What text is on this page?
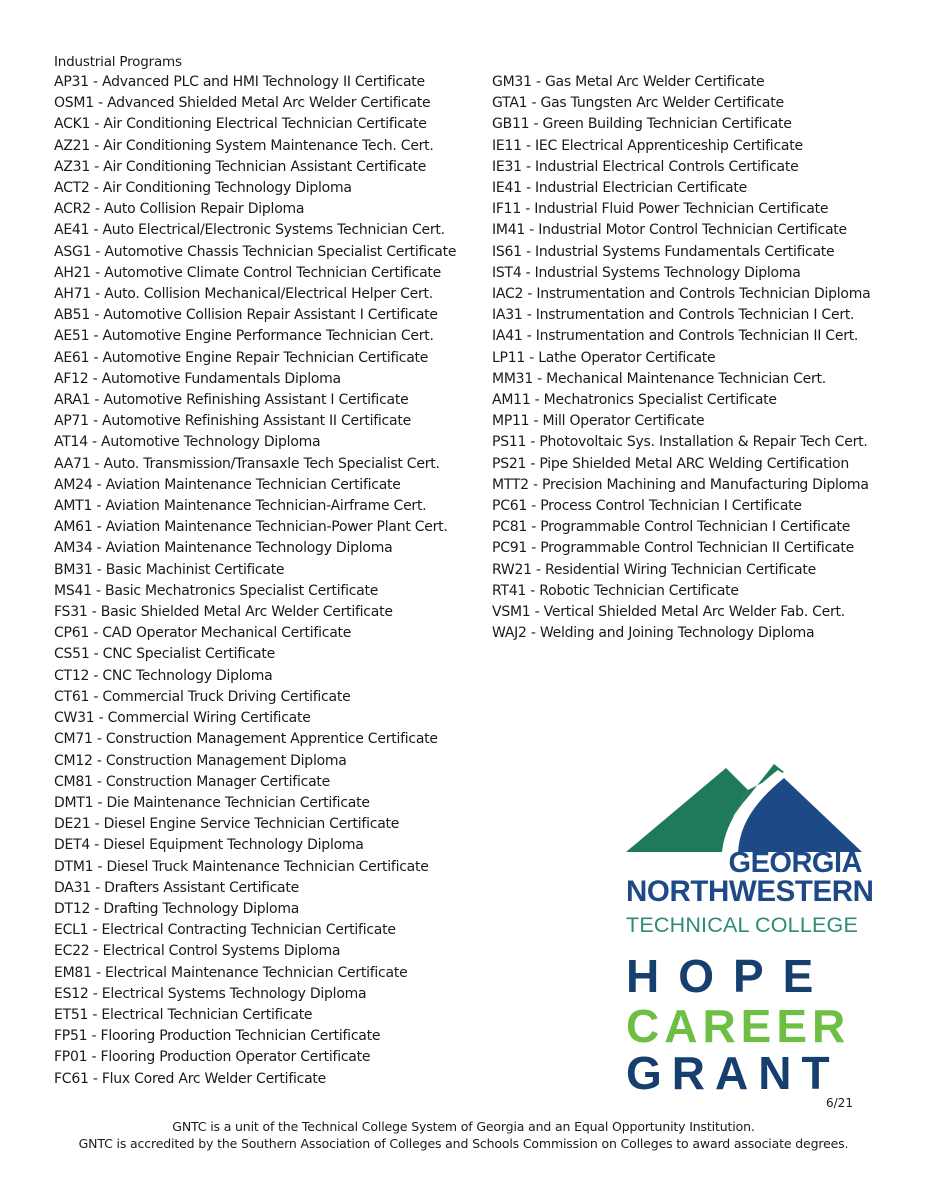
Industrial Programs
AP31 - Advanced PLC and HMI Technology II Certificate
OSM1 - Advanced Shielded Metal Arc Welder Certificate
ACK1 - Air Conditioning Electrical Technician Certificate
AZ21 - Air Conditioning System Maintenance Tech. Cert.
AZ31 - Air Conditioning Technician Assistant Certificate
ACT2 - Air Conditioning Technology Diploma
ACR2 - Auto Collision Repair Diploma
AE41 - Auto Electrical/Electronic Systems Technician Cert.
ASG1 - Automotive Chassis Technician Specialist Certificate
AH21 - Automotive Climate Control Technician Certificate
AH71 - Auto. Collision Mechanical/Electrical Helper Cert.
AB51 - Automotive Collision Repair Assistant I Certificate
AE51 - Automotive Engine Performance Technician Cert.
AE61 - Automotive Engine Repair Technician Certificate
AF12 - Automotive Fundamentals Diploma
ARA1 - Automotive Refinishing Assistant I Certificate
AP71 - Automotive Refinishing Assistant II Certificate
AT14 - Automotive Technology Diploma
AA71 - Auto. Transmission/Transaxle Tech Specialist Cert.
AM24 - Aviation Maintenance Technician Certificate
AMT1 - Aviation Maintenance Technician-Airframe Cert.
AM61 - Aviation Maintenance Technician-Power Plant Cert.
AM34 - Aviation Maintenance Technology Diploma
BM31 - Basic Machinist Certificate
MS41 - Basic Mechatronics Specialist Certificate
FS31 - Basic Shielded Metal Arc Welder Certificate
CP61 - CAD Operator Mechanical Certificate
CS51 - CNC Specialist Certificate
CT12 - CNC Technology Diploma
CT61 - Commercial Truck Driving Certificate
CW31 - Commercial Wiring Certificate
CM71 - Construction Management Apprentice Certificate
CM12 - Construction Management Diploma
CM81 - Construction Manager Certificate
DMT1 - Die Maintenance Technician Certificate
DE21 - Diesel Engine Service Technician Certificate
DET4 - Diesel Equipment Technology Diploma
DTM1 - Diesel Truck Maintenance Technician Certificate
DA31 - Drafters Assistant Certificate
DT12 - Drafting Technology Diploma
ECL1 - Electrical Contracting Technician Certificate
EC22 - Electrical Control Systems Diploma
EM81 - Electrical Maintenance Technician Certificate
ES12 - Electrical Systems Technology Diploma
ET51 - Electrical Technician Certificate
FP51 - Flooring Production Technician Certificate
FP01 - Flooring Production Operator Certificate
FC61 - Flux Cored Arc Welder Certificate
GM31 - Gas Metal Arc Welder Certificate
GTA1 - Gas Tungsten Arc Welder Certificate
GB11 - Green Building Technician Certificate
IE11 - IEC Electrical Apprenticeship Certificate
IE31 - Industrial Electrical Controls Certificate
IE41 - Industrial Electrician Certificate
IF11 - Industrial Fluid Power Technician Certificate
IM41 - Industrial Motor Control Technician Certificate
IS61 - Industrial Systems Fundamentals Certificate
IST4 - Industrial Systems Technology Diploma
IAC2 - Instrumentation and Controls Technician Diploma
IA31 - Instrumentation and Controls Technician I Cert.
IA41 - Instrumentation and Controls Technician II Cert.
LP11 - Lathe Operator Certificate
MM31 - Mechanical Maintenance Technician Cert.
AM11 - Mechatronics Specialist Certificate
MP11 - Mill Operator Certificate
PS11 - Photovoltaic Sys. Installation & Repair Tech Cert.
PS21 - Pipe Shielded Metal ARC Welding Certification
MTT2 - Precision Machining and Manufacturing Diploma
PC61 - Process Control Technician I Certificate
PC81 - Programmable Control Technician I Certificate
PC91 - Programmable Control Technician II Certificate
RW21 - Residential Wiring Technician Certificate
RT41 - Robotic Technician Certificate
VSM1 - Vertical Shielded Metal Arc Welder Fab. Cert.
WAJ2 - Welding and Joining Technology Diploma
GEORGIA
NORTHWESTERN
TECHNICAL COLLEGE
HOPE
CAREER
GRANT
6/21
GNTC is a unit of the Technical College System of Georgia and an Equal Opportunity Institution.
GNTC is accredited by the Southern Association of Colleges and Schools Commission on Colleges to award associate degrees.
